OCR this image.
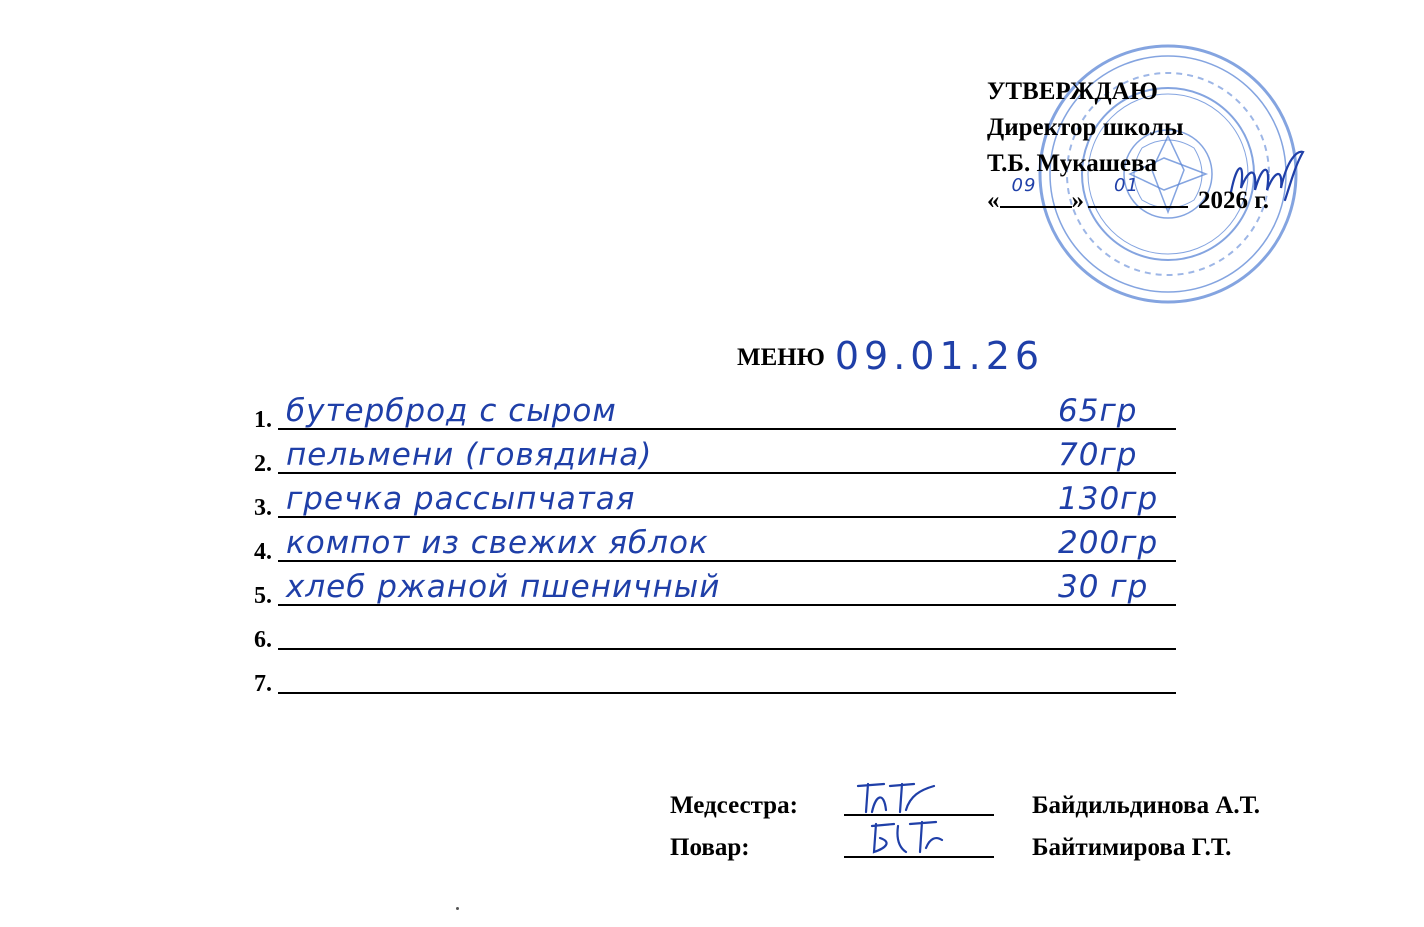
УТВЕРЖДАЮ
Директор школы
Т.Б. Мукашева
«
09
»
01
2026 г.
МЕНЮ 09.01.26
1. бутерброд с сыром	65гр
2. пельмени (говядина)	70гр
3. гречка рассыпчатая	130гр
4. компот из свежих яблок	200гр
5. хлеб ржаной пшеничный	30 гр
6.
7.
Медсестра:	Байдильдинова А.Т.
Повар:	Байтимирова Г.Т.
